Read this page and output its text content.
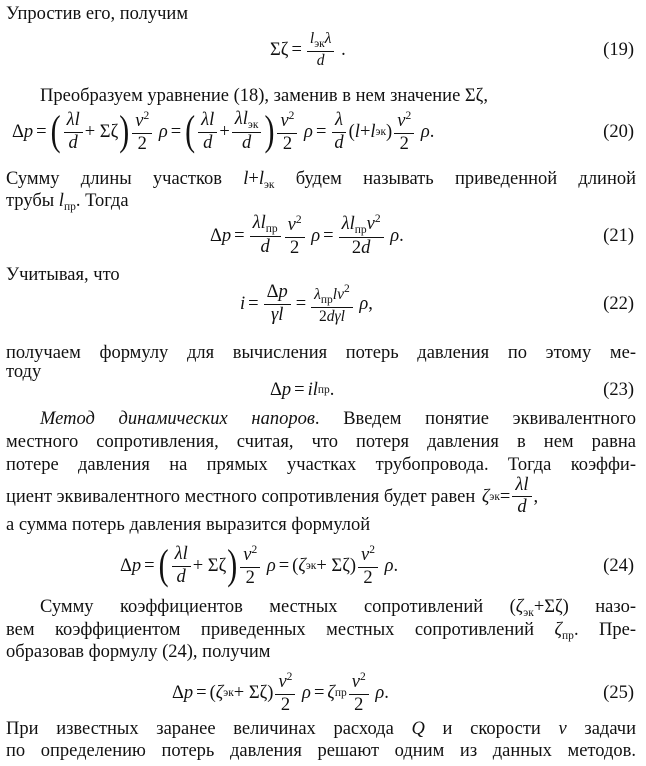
Упростив его, получим
$\Sigma\zeta = \frac{l_{эк}\lambda}{d}$ .	(19)
Преобразуем уравнение (18), заменив в нем значение Σζ,
Δ p = ( $\frac{\lambda l}{d} + \Sigma\zeta$ ) $\frac{v^2}{2}$
ρ = ( $\frac{\lambda l}{d} + \frac{\lambda l_{эк}}{d}$ ) $\frac{v^2}{2}$
$\rho = \frac{\lambda}{d}$ ( l + l эк ) $\frac{v^2}{2}$
ρ .	(20)
Сумму длины участков $l+l_{эк}$ будем называть приведенной длиной
трубы $l_{пр}$. Тогда
Δ $p = \frac{\lambda l_{пр}}{d} \frac{v^2}{2}$
$\rho = \frac{\lambda l_{пр}v^2}{2d}$
ρ .	(21)
Учитывая, что
$i = \frac{\Delta p}{\gamma l} = \frac{\lambda_{пр}lv^2}{\text{2dγl}}$
ρ ,	(22)
получаем формулу для вычисления потерь давления по этому ме-
тоду
Δ p = il пр .	(23)
Метод динамических напоров. Введем понятие эквивалентного
местного сопротивления, считая, что потеря давления в нем равна
потере давления на прямых участках трубопровода. Тогда коэффи-
циент эквивалентного местного сопротивления будет равен ζ эк = $\frac{\lambda l}{d}$ ,
а сумма потерь давления выразится формулой
Δ p = ( $\frac{\lambda l}{d} + \Sigma\zeta$ ) $\frac{v^2}{2}$
ρ = ( ζ эк + $\Sigma\zeta) \frac{v^2}{2}$
ρ .	(24)
Сумму коэффициентов местных сопротивлений $(\zeta_{эк}+\Sigma\zeta)$ назо-
вем коэффициентом приведенных местных сопротивлений $\zeta_{пр}$. Пре-
образовав формулу (24), получим
Δ p = ( ζ эк + $\Sigma\zeta) \frac{v^2}{2}$
ρ = ζ пр $\frac{v^2}{2}$
ρ .	(25)
При известных заранее величинах расхода Q и скорости v задачи
по определению потерь давления решают одним из данных методов.
